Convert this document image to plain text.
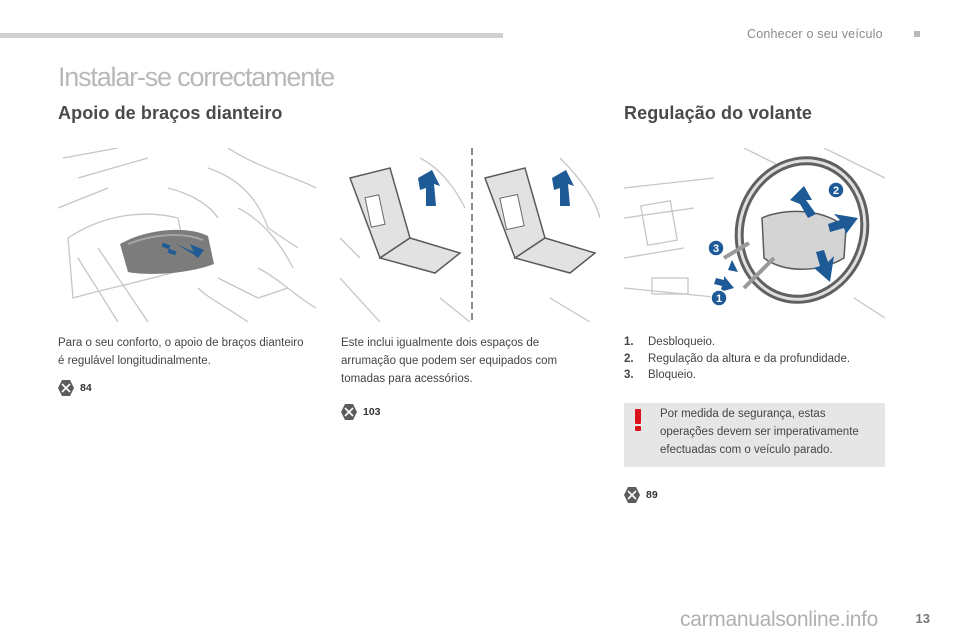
Conhecer o seu veículo
Instalar-se correctamente
Apoio de braços dianteiro	Regulação do volante
2
3
1
Para o seu conforto, o apoio de braços dianteiro é regulável longitudinalmente.
84
Este inclui igualmente dois espaços de arrumação que podem ser equipados com tomadas para acessórios.
103
1.	Desbloqueio.
2.	Regulação da altura e da profundidade.
3.	Bloqueio.
Por medida de segurança, estas operações devem ser imperativamente efectuadas com o veículo parado.
89
carmanualsonline.info	13
